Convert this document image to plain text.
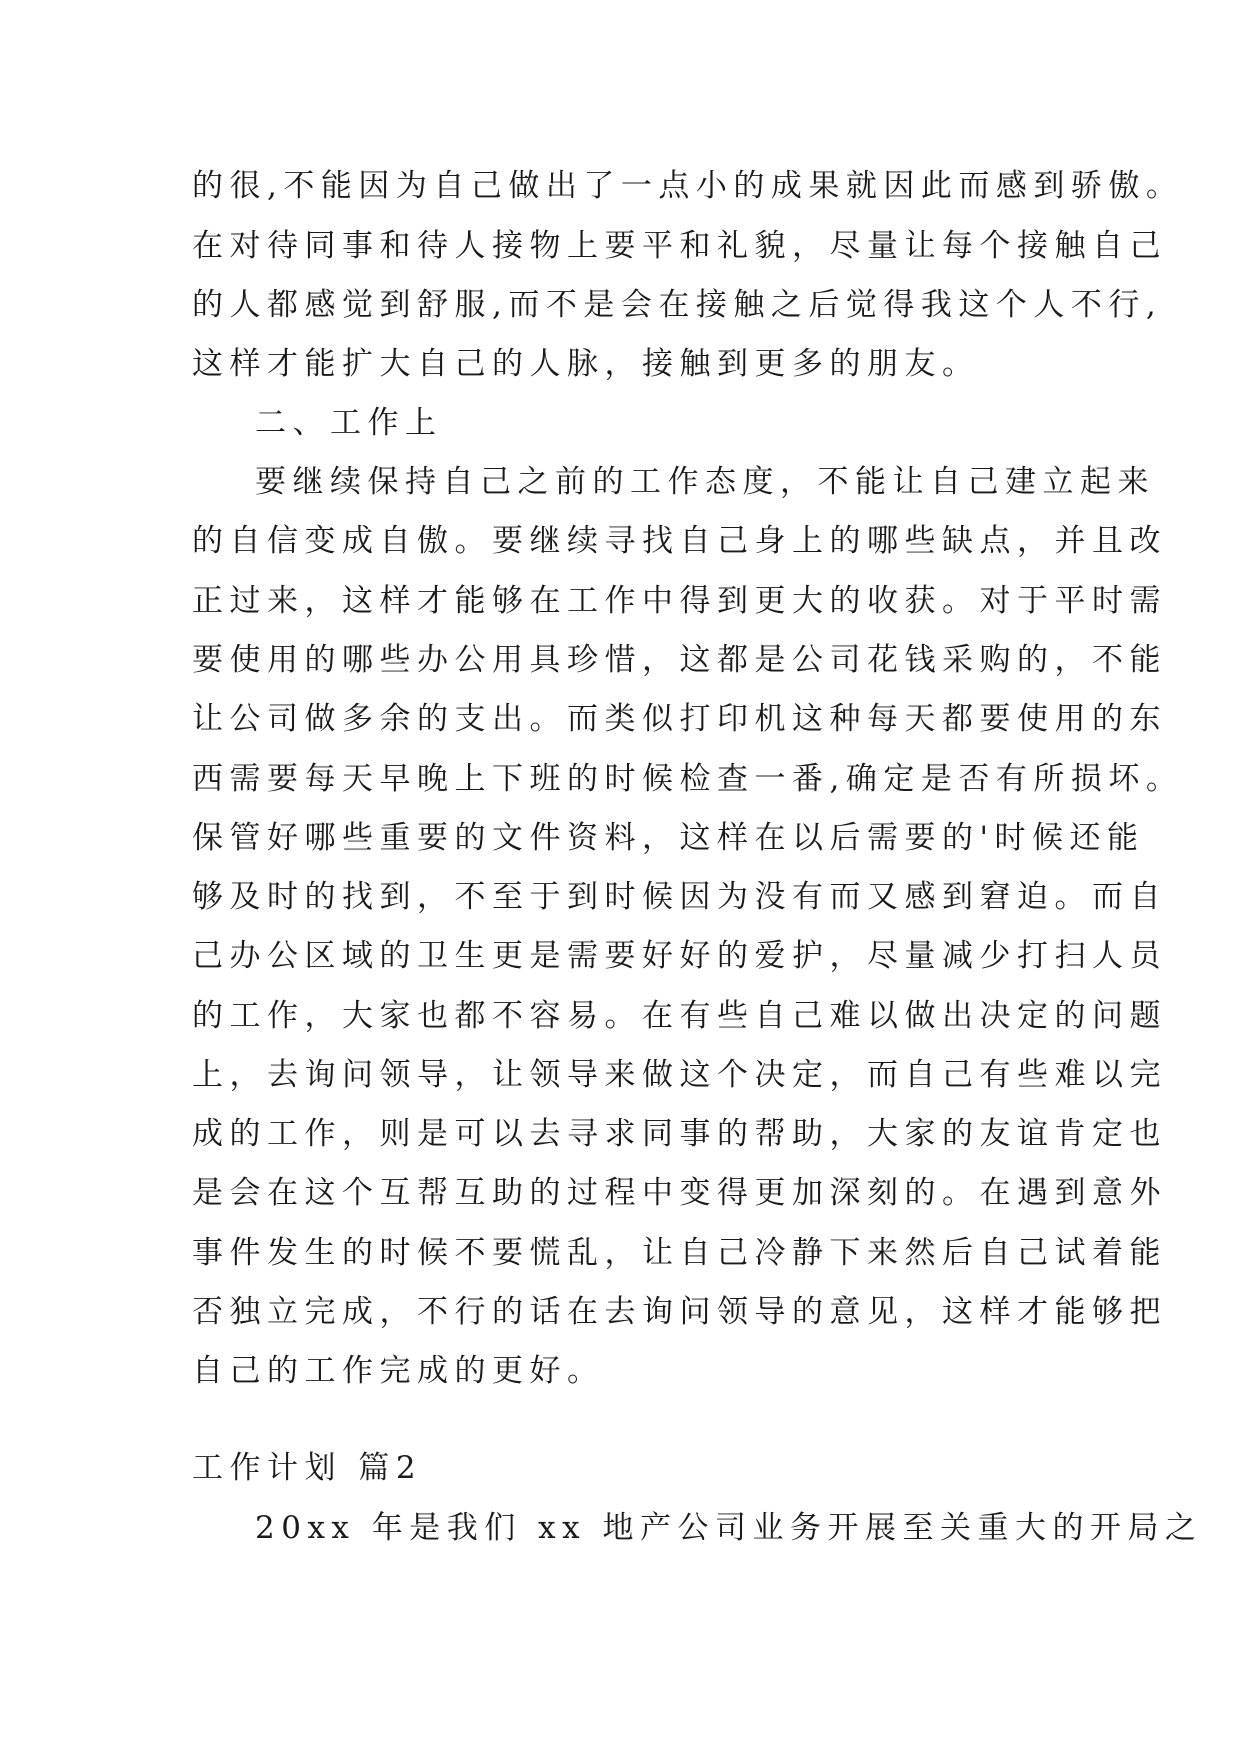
的很,不能因为自己做出了一点小的成果就因此而感到骄傲。
在对待同事和待人接物上要平和礼貌，尽量让每个接触自己
的人都感觉到舒服,而不是会在接触之后觉得我这个人不行,
这样才能扩大自己的人脉，接触到更多的朋友。
二、工作上
要继续保持自己之前的工作态度，不能让自己建立起来
的自信变成自傲。要继续寻找自己身上的哪些缺点，并且改
正过来，这样才能够在工作中得到更大的收获。对于平时需
要使用的哪些办公用具珍惜，这都是公司花钱采购的，不能
让公司做多余的支出。而类似打印机这种每天都要使用的东
西需要每天早晚上下班的时候检查一番,确定是否有所损坏。
保管好哪些重要的文件资料，这样在以后需要的'时候还能
够及时的找到，不至于到时候因为没有而又感到窘迫。而自
己办公区域的卫生更是需要好好的爱护，尽量减少打扫人员
的工作，大家也都不容易。在有些自己难以做出决定的问题
上，去询问领导，让领导来做这个决定，而自己有些难以完
成的工作，则是可以去寻求同事的帮助，大家的友谊肯定也
是会在这个互帮互助的过程中变得更加深刻的。在遇到意外
事件发生的时候不要慌乱，让自己冷静下来然后自己试着能
否独立完成，不行的话在去询问领导的意见，这样才能够把
自己的工作完成的更好。
工作计划 篇2
20xx 年是我们 xx 地产公司业务开展至关重大的开局之
